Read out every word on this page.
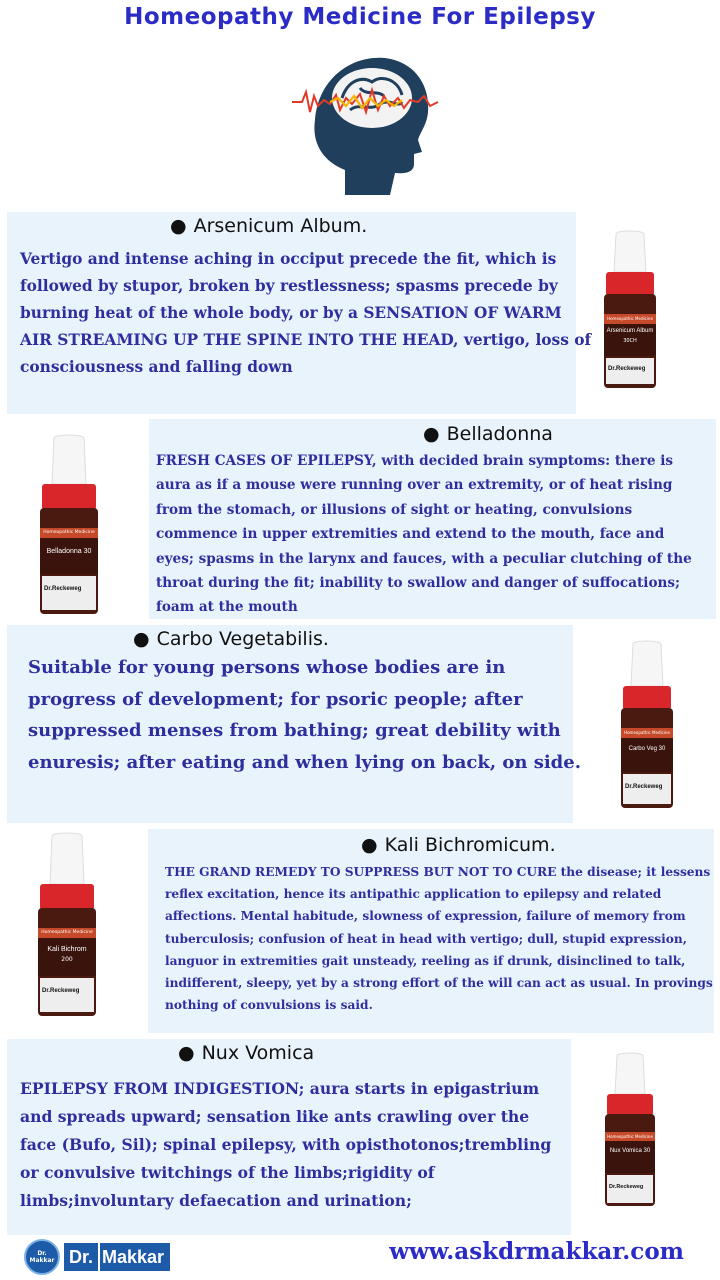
Homeopathy Medicine For Epilepsy
● Arsenicum Album.
Vertigo and intense aching in occiput precede the fit, which is
followed by stupor, broken by restlessness; spasms precede by
burning heat of the whole body, or by a SENSATION OF WARM
AIR STREAMING UP THE SPINE INTO THE HEAD, vertigo, loss of
consciousness and falling down
Homeopathic Medicine
Arsenicum Album
30CH
Dr.Reckeweg
● Belladonna
FRESH CASES OF EPILEPSY, with decided brain symptoms: there is
aura as if a mouse were running over an extremity, or of heat rising
from the stomach, or illusions of sight or heating, convulsions
commence in upper extremities and extend to the mouth, face and
eyes; spasms in the larynx and fauces, with a peculiar clutching of the
throat during the fit; inability to swallow and danger of suffocations;
foam at the mouth
Homeopathic Medicine
Belladonna 30
Dr.Reckeweg
● Carbo Vegetabilis.
Suitable for young persons whose bodies are in
progress of development; for psoric people; after
suppressed menses from bathing; great debility with
enuresis; after eating and when lying on back, on side.
Homeopathic Medicine
Carbo Veg 30
Dr.Reckeweg
● Kali Bichromicum.
THE GRAND REMEDY TO SUPPRESS BUT NOT TO CURE the disease; it lessens
reflex excitation, hence its antipathic application to epilepsy and related
affections. Mental habitude, slowness of expression, failure of memory from
tuberculosis; confusion of heat in head with vertigo; dull, stupid expression,
languor in extremities gait unsteady, reeling as if drunk, disinclined to talk,
indifferent, sleepy, yet by a strong effort of the will can act as usual. In provings
nothing of convulsions is said.
Homeopathic Medicine
Kali Bichrom
200
Dr.Reckeweg
● Nux Vomica
EPILEPSY FROM INDIGESTION; aura starts in epigastrium
and spreads upward; sensation like ants crawling over the
face (Bufo, Sil); spinal epilepsy, with opisthotonos;trembling
or convulsive twitchings of the limbs;rigidity of
limbs;involuntary defaecation and urination;
Homeopathic Medicine
Nux Vomica 30
Dr.Reckeweg
Dr. Makkar Dr. Makkar	www.askdrmakkar.com
